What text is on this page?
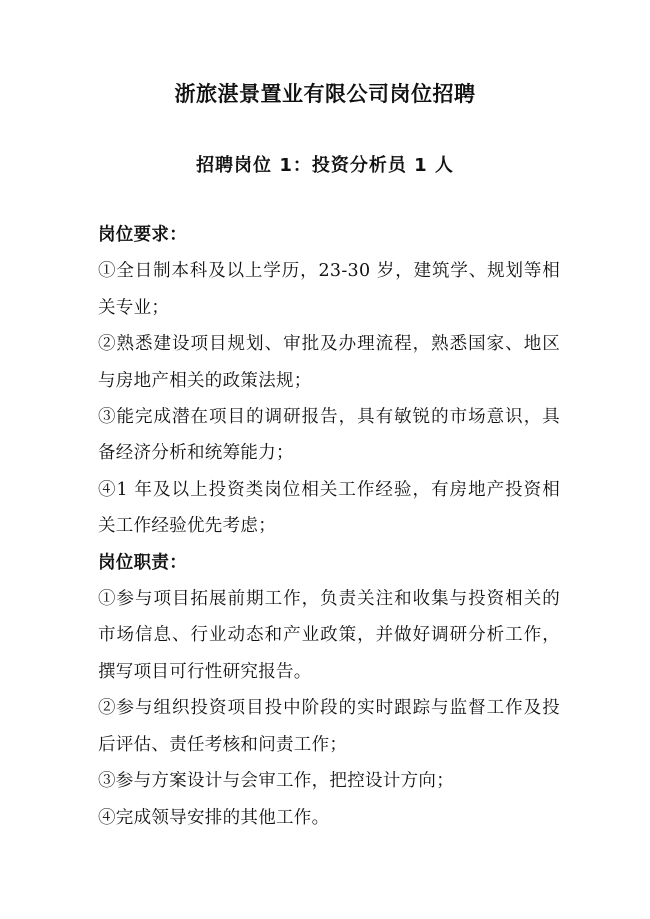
浙旅湛景置业有限公司岗位招聘
招聘岗位 1：投资分析员 1 人

岗位要求：

①全日制本科及以上学历，23-30 岁，建筑学、规划等相关专业；

②熟悉建设项目规划、审批及办理流程，熟悉国家、地区与房地产相关的政策法规；

③能完成潜在项目的调研报告，具有敏锐的市场意识，具备经济分析和统筹能力；

④1 年及以上投资类岗位相关工作经验，有房地产投资相关工作经验优先考虑；

岗位职责：

①参与项目拓展前期工作，负责关注和收集与投资相关的市场信息、行业动态和产业政策，并做好调研分析工作，撰写项目可行性研究报告。

②参与组织投资项目投中阶段的实时跟踪与监督工作及投后评估、责任考核和问责工作；

③参与方案设计与会审工作，把控设计方向；

④完成领导安排的其他工作。
